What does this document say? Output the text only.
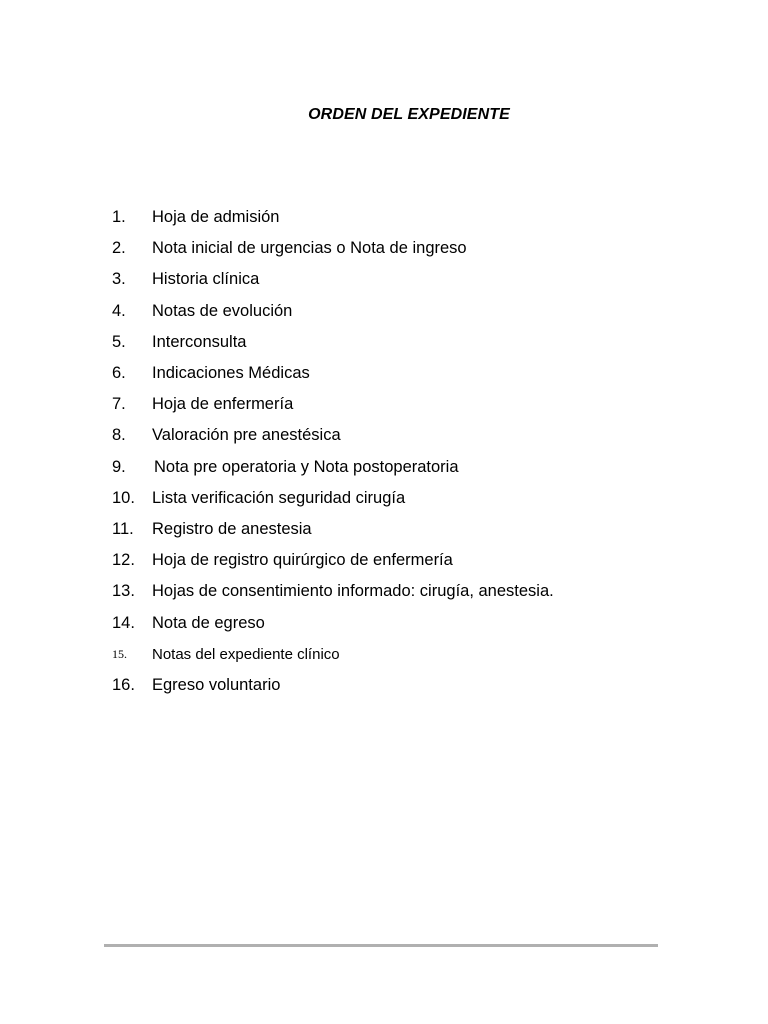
ORDEN DEL EXPEDIENTE
1.	Hoja de admisión
2.	Nota inicial de urgencias o Nota de ingreso
3.	Historia clínica
4.	Notas de evolución
5.	Interconsulta
6.	Indicaciones Médicas
7.	Hoja de enfermería
8.	Valoración pre anestésica
9.	Nota pre operatoria y Nota postoperatoria
10.	Lista verificación seguridad cirugía
11.	Registro de anestesia
12.	Hoja de registro quirúrgico de enfermería
13.	Hojas de consentimiento informado: cirugía, anestesia.
14.	Nota de egreso
15.	Notas del expediente clínico
16.	Egreso voluntario
